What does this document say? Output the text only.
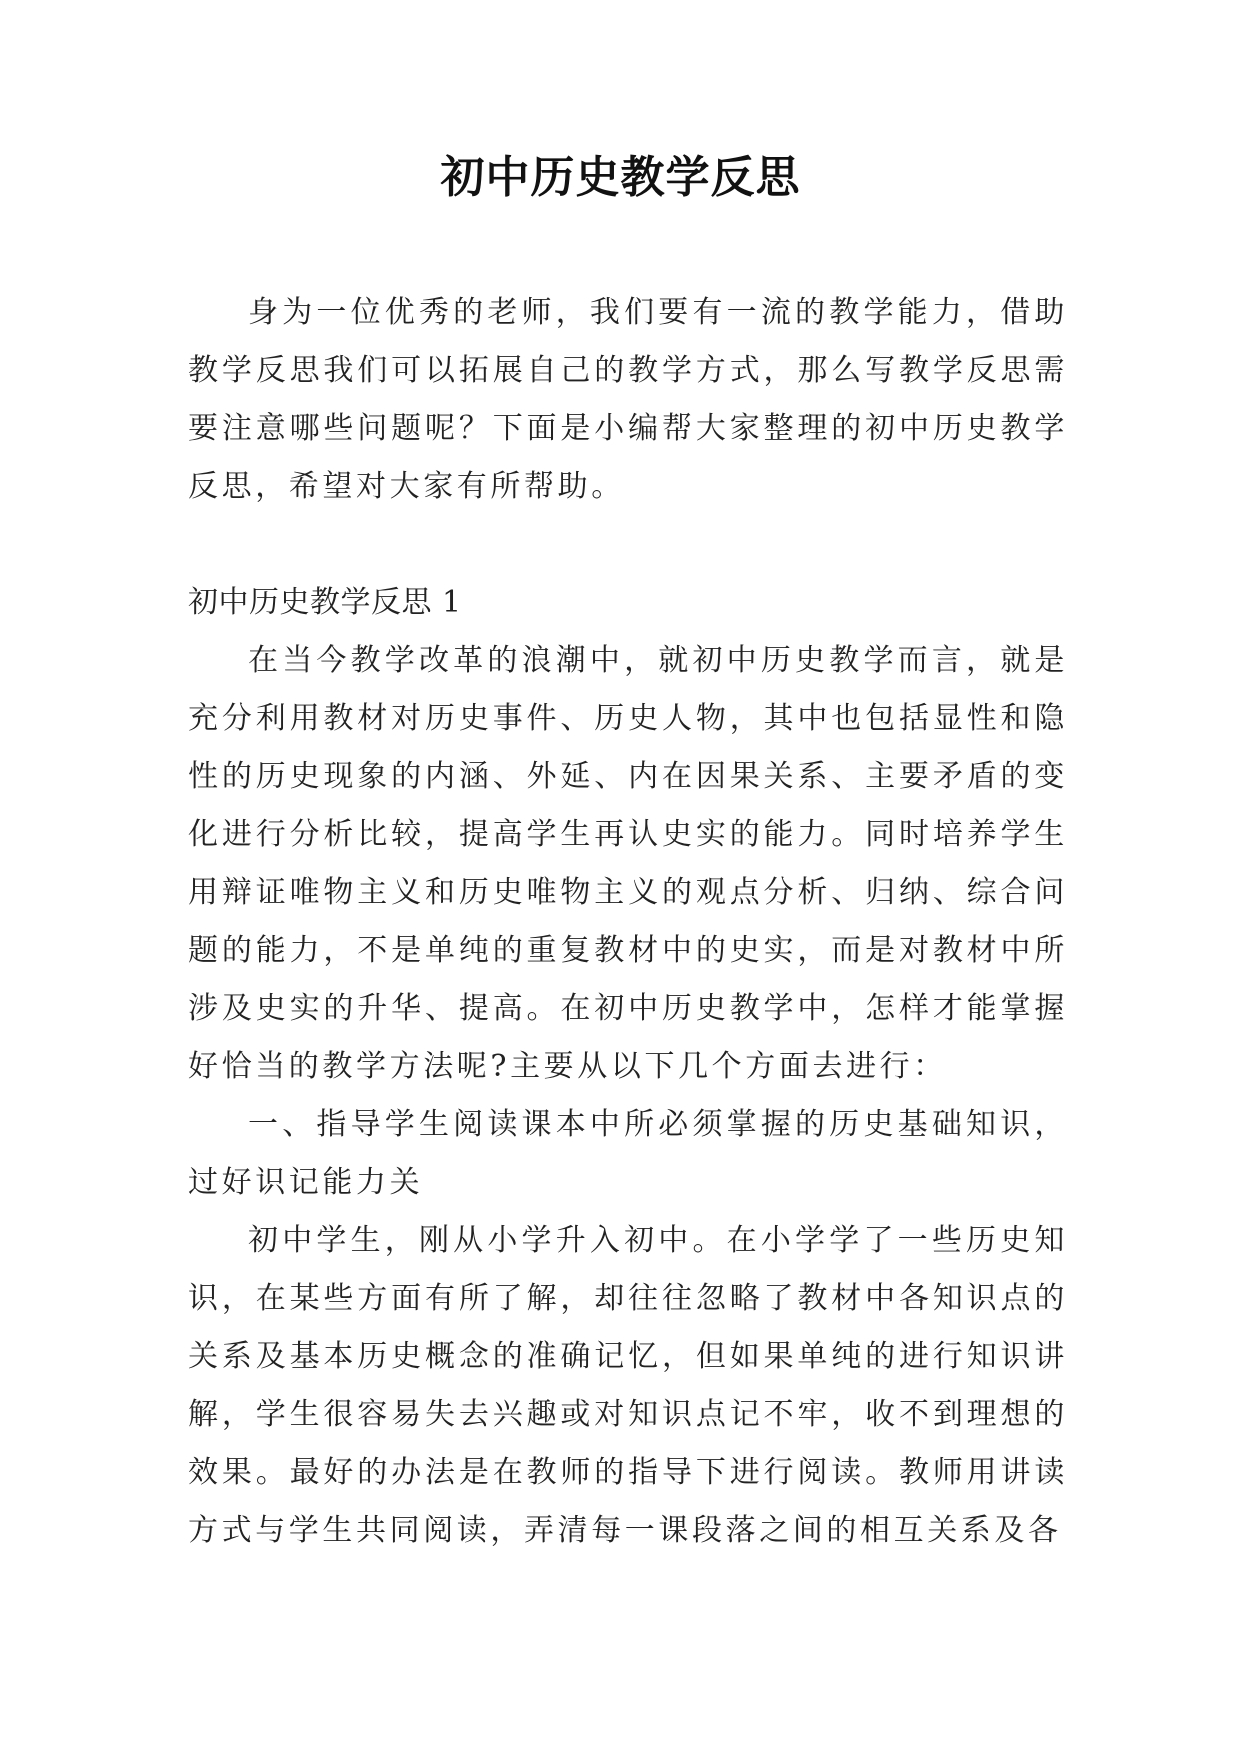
初中历史教学反思

身为一位优秀的老师，我们要有一流的教学能力，借助教学反思我们可以拓展自己的教学方式，那么写教学反思需要注意哪些问题呢？下面是小编帮大家整理的初中历史教学反思，希望对大家有所帮助。

初中历史教学反思 1

在当今教学改革的浪潮中，就初中历史教学而言，就是充分利用教材对历史事件、历史人物，其中也包括显性和隐性的历史现象的内涵、外延、内在因果关系、主要矛盾的变化进行分析比较，提高学生再认史实的能力。同时培养学生用辩证唯物主义和历史唯物主义的观点分析、归纳、综合问题的能力，不是单纯的重复教材中的史实，而是对教材中所涉及史实的升华、提高。在初中历史教学中，怎样才能掌握好恰当的教学方法呢?主要从以下几个方面去进行：

一、指导学生阅读课本中所必须掌握的历史基础知识，过好识记能力关

初中学生，刚从小学升入初中。在小学学了一些历史知识，在某些方面有所了解，却往往忽略了教材中各知识点的关系及基本历史概念的准确记忆，但如果单纯的进行知识讲解，学生很容易失去兴趣或对知识点记不牢，收不到理想的效果。最好的办法是在教师的指导下进行阅读。教师用讲读方式与学生共同阅读，弄清每一课段落之间的相互关系及各
